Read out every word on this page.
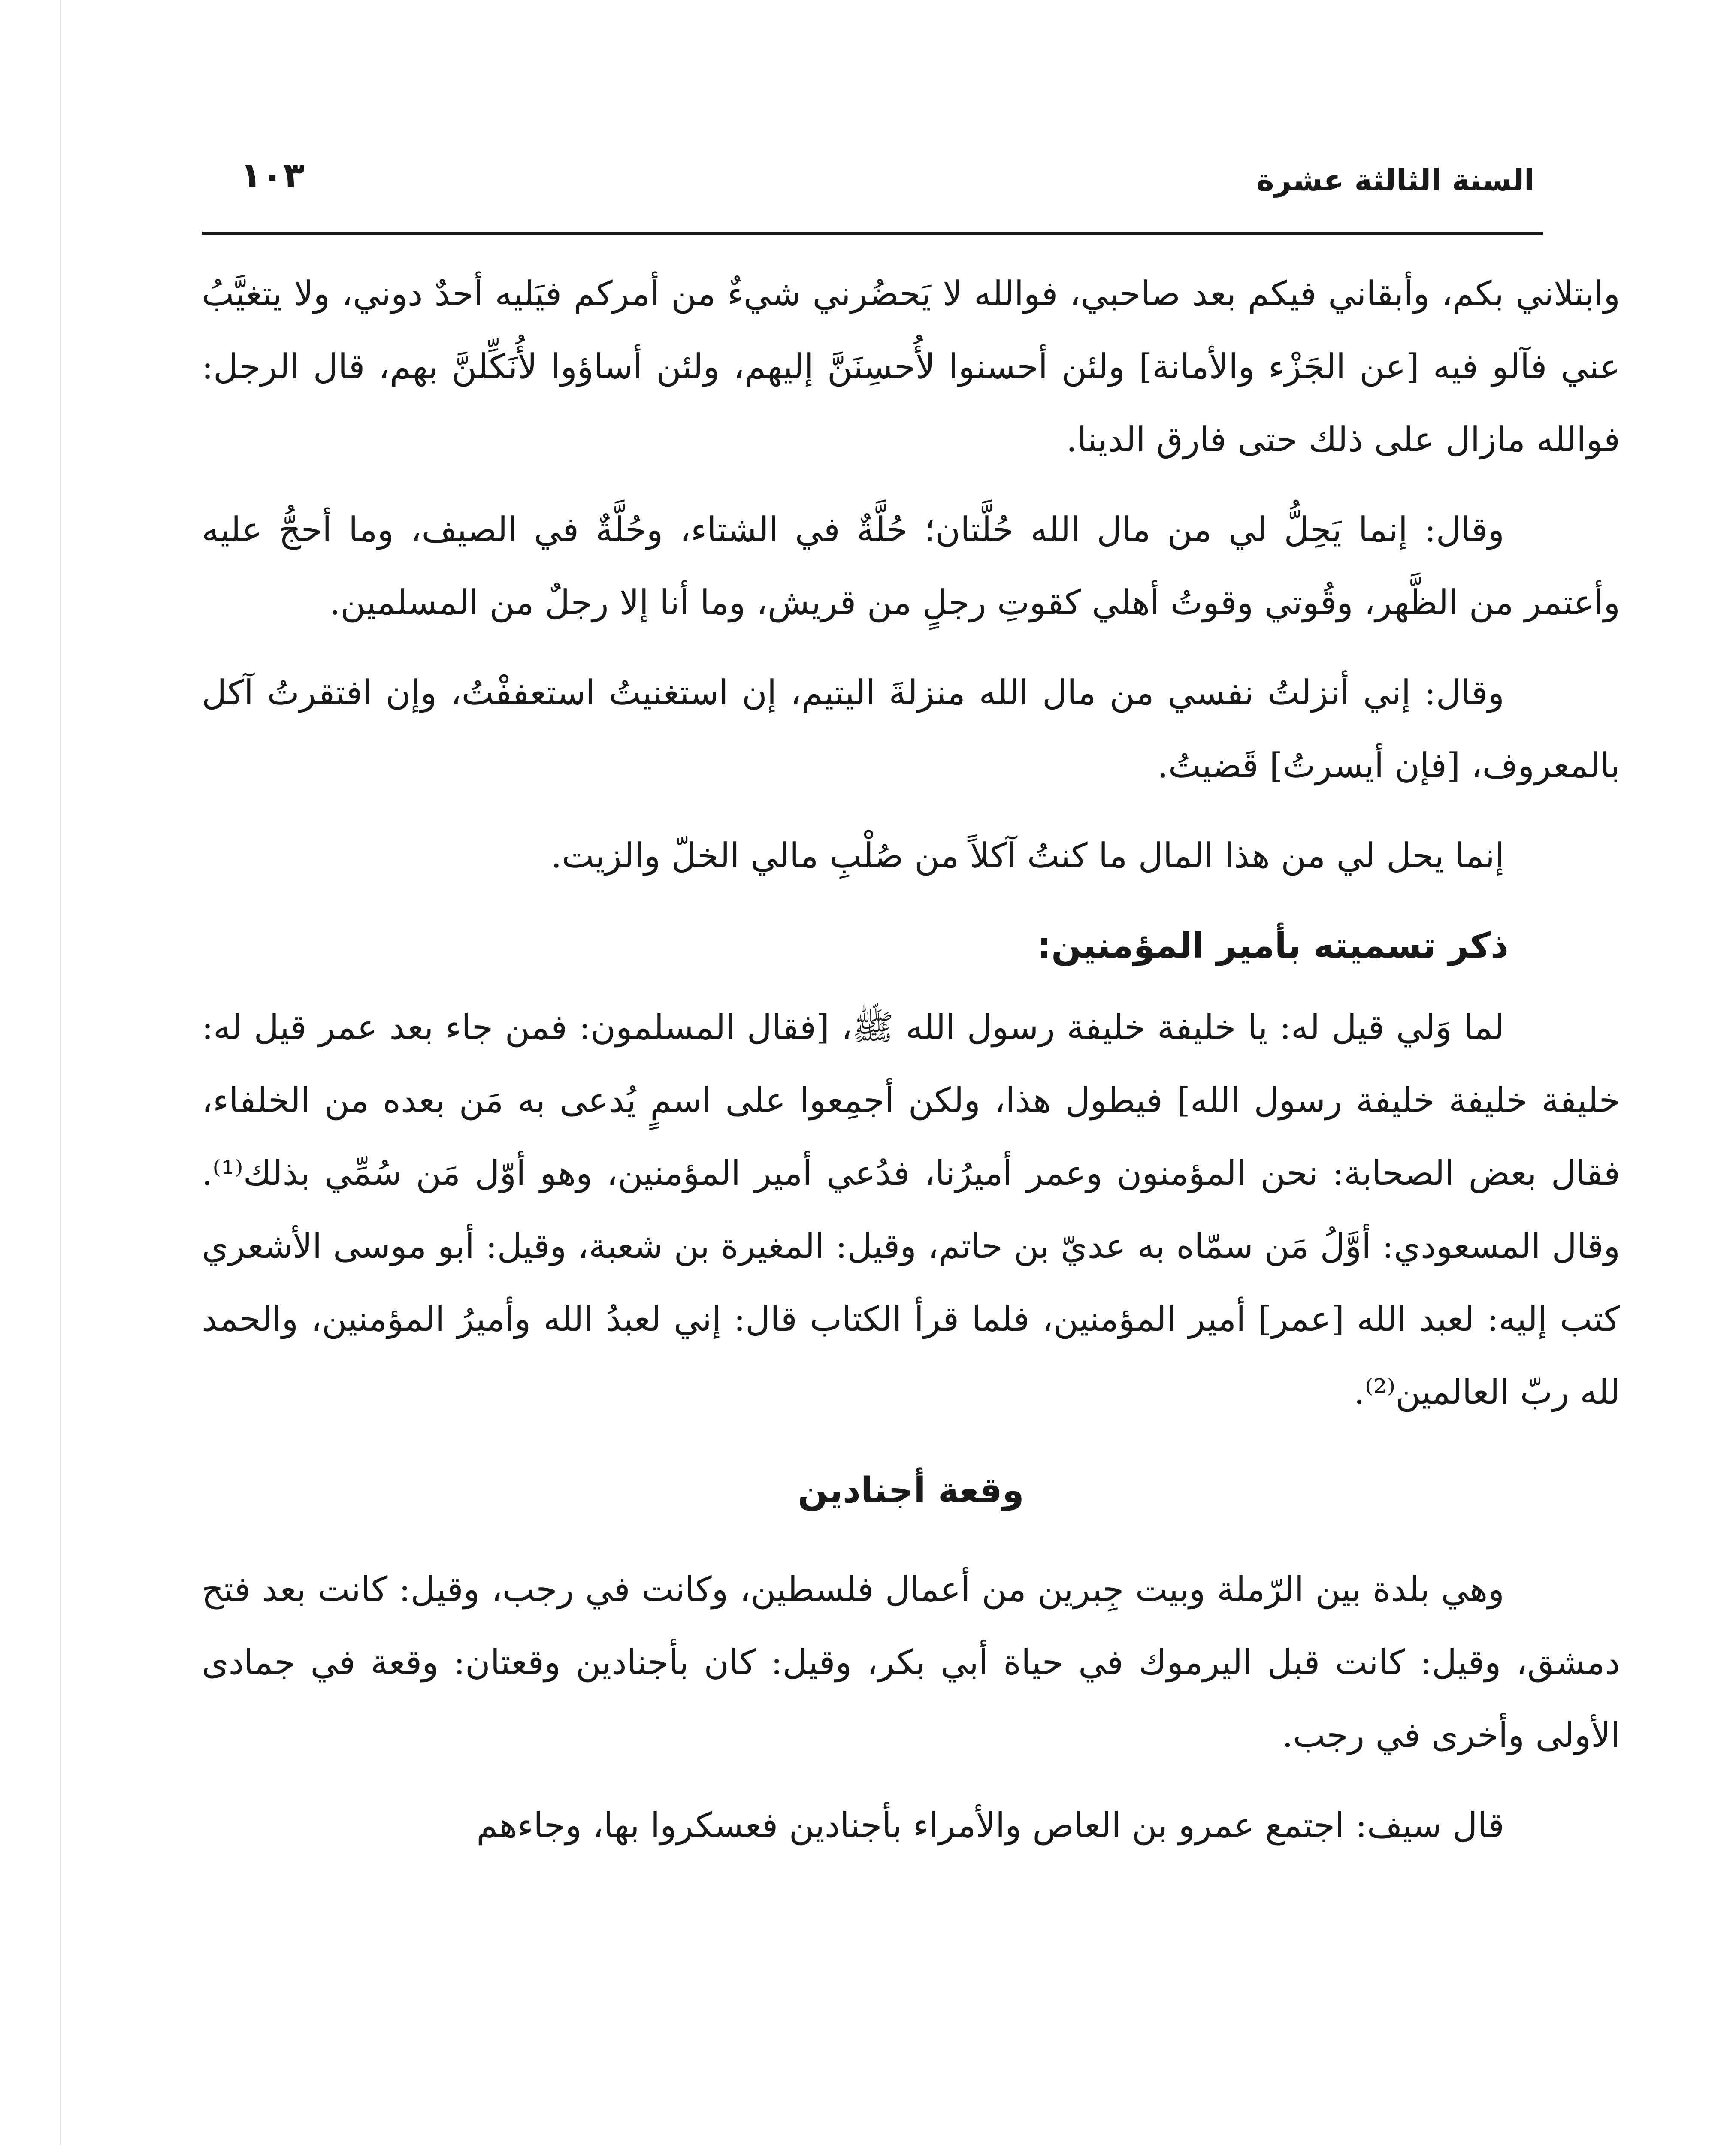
السنة الثالثة عشرة
١٠٣

وابتلاني بكم، وأبقاني فيكم بعد صاحبي، فوالله لا يَحضُرني شيءٌ من أمركم فيَليه أحدٌ دوني، ولا يتغيَّبُ عني فآلو فيه [عن الجَزْء والأمانة] ولئن أحسنوا لأُحسِنَنَّ إليهم، ولئن أساؤوا لأُنَكِّلنَّ بهم، قال الرجل: فوالله مازال على ذلك حتى فارق الدينا.

وقال: إنما يَحِلُّ لي من مال الله حُلَّتان؛ حُلَّةٌ في الشتاء، وحُلَّةٌ في الصيف، وما أحجُّ عليه وأعتمر من الظَّهر، وقُوتي وقوتُ أهلي كقوتِ رجلٍ من قريش، وما أنا إلا رجلٌ من المسلمين.

وقال: إني أنزلتُ نفسي من مال الله منزلةَ اليتيم، إن استغنيتُ استعففْتُ، وإن افتقرتُ آكل بالمعروف، [فإن أيسرتُ] قَضيتُ.

إنما يحل لي من هذا المال ما كنتُ آكلاً من صُلْبِ مالي الخلّ والزيت.

ذكر تسميته بأمير المؤمنين:

لما وَلي قيل له: يا خليفة خليفة رسول الله ﷺ، [فقال المسلمون: فمن جاء بعد عمر قيل له: خليفة خليفة خليفة رسول الله] فيطول هذا، ولكن أجمِعوا على اسمٍ يُدعى به مَن بعده من الخلفاء، فقال بعض الصحابة: نحن المؤمنون وعمر أميرُنا، فدُعي أمير المؤمنين، وهو أوّل مَن سُمِّي بذلك⁽¹⁾. وقال المسعودي: أوَّلُ مَن سمّاه به عديّ بن حاتم، وقيل: المغيرة بن شعبة، وقيل: أبو موسى الأشعري كتب إليه: لعبد الله [عمر] أمير المؤمنين، فلما قرأ الكتاب قال: إني لعبدُ الله وأميرُ المؤمنين، والحمد لله ربّ العالمين⁽²⁾.

وقعة أجنادين

وهي بلدة بين الرّملة وبيت جِبرين من أعمال فلسطين، وكانت في رجب، وقيل: كانت بعد فتح دمشق، وقيل: كانت قبل اليرموك في حياة أبي بكر، وقيل: كان بأجنادين وقعتان: وقعة في جمادى الأولى وأخرى في رجب.

قال سيف: اجتمع عمرو بن العاص والأمراء بأجنادين فعسكروا بها، وجاءهم
